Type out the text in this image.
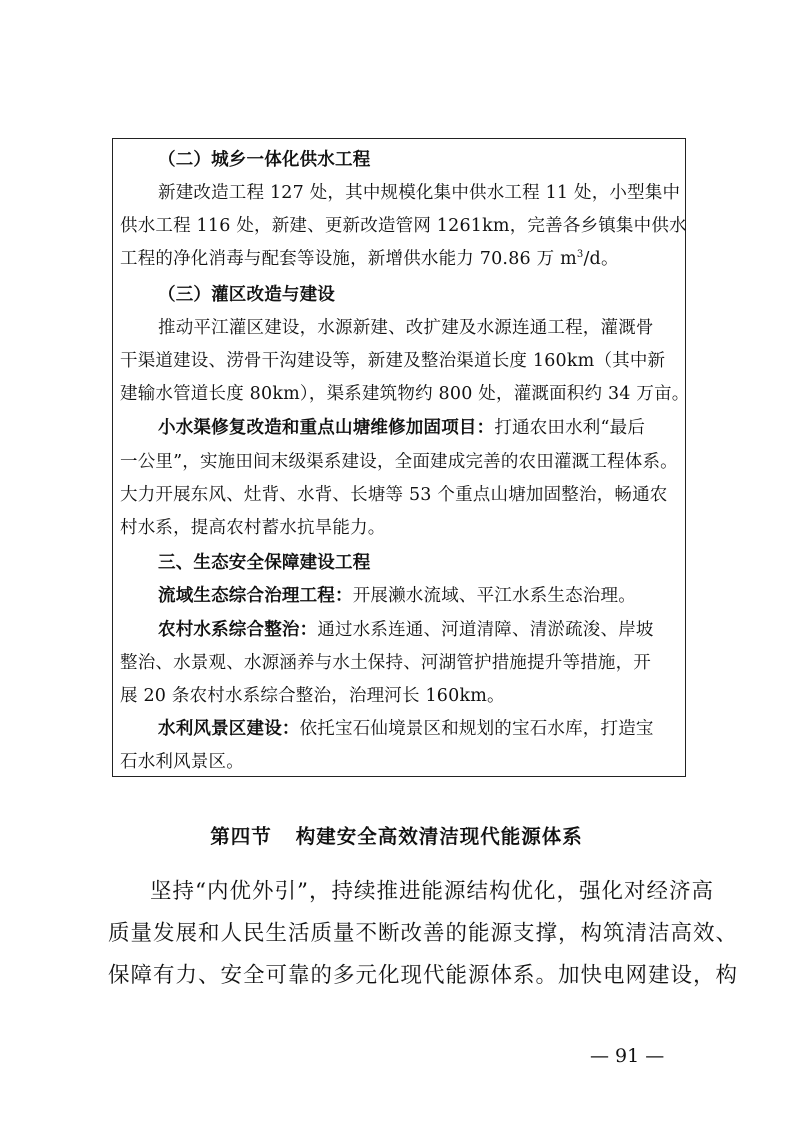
（二）城乡一体化供水工程
新建改造工程 127 处，其中规模化集中供水工程 11 处，小型集中
供水工程 116 处，新建、更新改造管网 1261km，完善各乡镇集中供水
工程的净化消毒与配套等设施，新增供水能力 70.86 万 $m^3/d$。
（三）灌区改造与建设
推动平江灌区建设，水源新建、改扩建及水源连通工程，灌溉骨
干渠道建设、涝骨干沟建设等，新建及整治渠道长度 160km（其中新
建输水管道长度 80km），渠系建筑物约 800 处，灌溉面积约 34 万亩。
小水渠修复改造和重点山塘维修加固项目：打通农田水利“最后
一公里”，实施田间末级渠系建设，全面建成完善的农田灌溉工程体系。
大力开展东风、灶背、水背、长塘等 53 个重点山塘加固整治，畅通农
村水系，提高农村蓄水抗旱能力。
三、生态安全保障建设工程
流域生态综合治理工程：开展濑水流域、平江水系生态治理。
农村水系综合整治：通过水系连通、河道清障、清淤疏浚、岸坡
整治、水景观、水源涵养与水土保持、河湖管护措施提升等措施，开
展 20 条农村水系综合整治，治理河长 160km。
水利风景区建设：依托宝石仙境景区和规划的宝石水库，打造宝
石水利风景区。
第四节 构建安全高效清洁现代能源体系
坚持“内优外引”，持续推进能源结构优化，强化对经济高
质量发展和人民生活质量不断改善的能源支撑，构筑清洁高效、
保障有力、安全可靠的多元化现代能源体系。加快电网建设，构
— 91 —
